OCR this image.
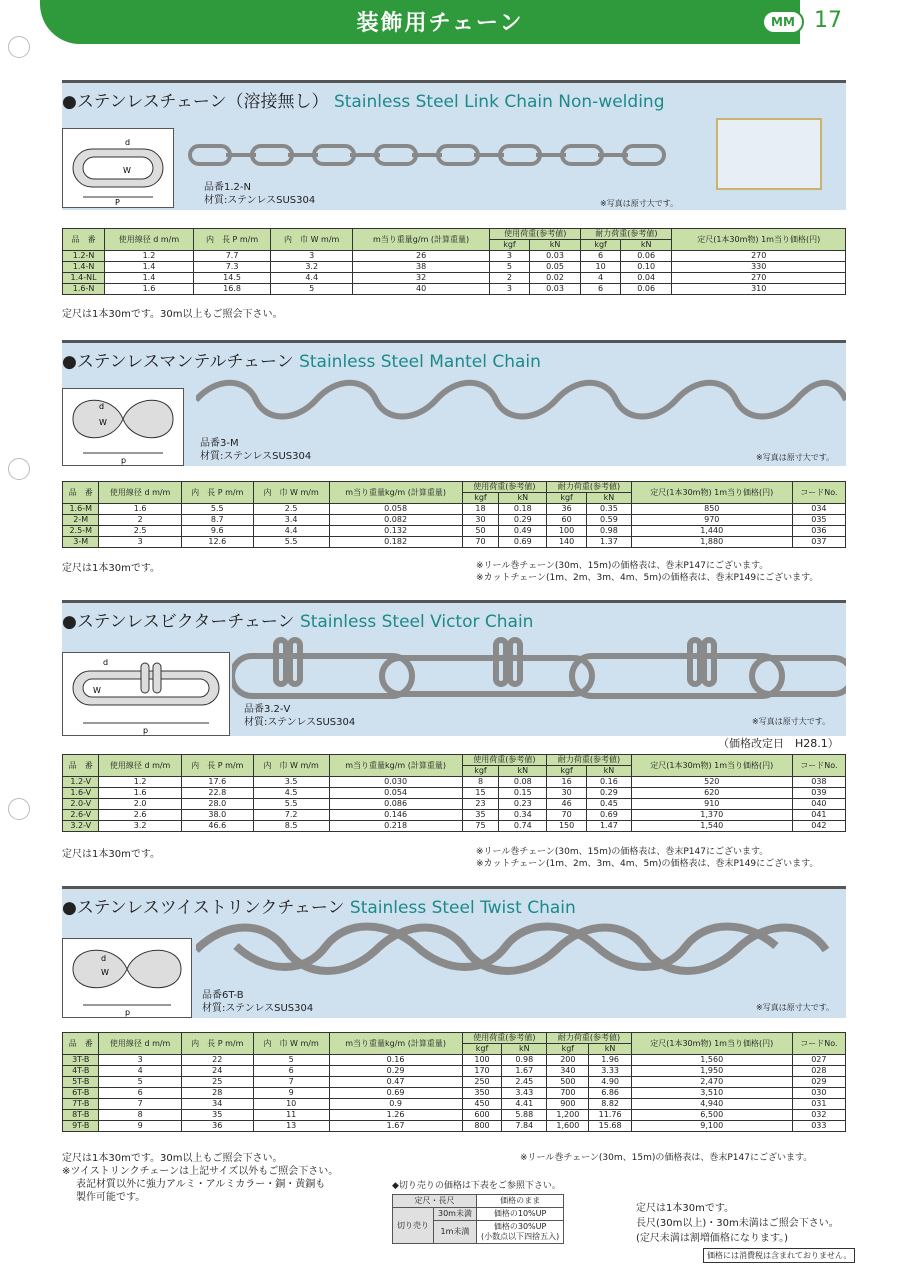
装飾用チェーン	MM 17
●ステンレスチェーン（溶接無し） Stainless Steel Link Chain Non-welding
d
W
P
品番1.2-N
材質:ステンレスSUS304	※写真は原寸大です。
品　番	使用線径 d m/m	内　長 P m/m	内　巾 W m/m	m当り重量g/m (計算重量)	使用荷重(参考値)		耐力荷重(参考値)		定尺(1本30m物) 1m当り価格(円)
					kgf	kN	kgf	kN	
1.2-N	1.2	7.7	3	26	3	0.03	6	0.06	270
1.4-N	1.4	7.3	3.2	38	5	0.05	10	0.10	330
1.4-NL	1.4	14.5	4.4	32	2	0.02	4	0.04	270
1.6-N	1.6	16.8	5	40	3	0.03	6	0.06	310
定尺は1本30mです。30m以上もご照会下さい。
●ステンレスマンテルチェーン Stainless Steel Mantel Chain
d
W
p
品番3-M
材質:ステンレスSUS304	※写真は原寸大です。
品　番	使用線径 d m/m	内　長 P m/m	内　巾 W m/m	m当り重量kg/m (計算重量)	使用荷重(参考値)		耐力荷重(参考値)		定尺(1本30m物) 1m当り価格(円)	コードNo.
					kgf	kN	kgf	kN		
1.6-M	1.6	5.5	2.5	0.058	18	0.18	36	0.35	850	034
2-M	2	8.7	3.4	0.082	30	0.29	60	0.59	970	035
2.5-M	2.5	9.6	4.4	0.132	50	0.49	100	0.98	1,440	036
3-M	3	12.6	5.5	0.182	70	0.69	140	1.37	1,880	037
定尺は1本30mです。	※リール巻チェーン(30m、15m)の価格表は、巻末P147にございます。
※カットチェーン(1m、2m、3m、4m、5m)の価格表は、巻末P149にございます。
●ステンレスビクターチェーン Stainless Steel Victor Chain
d
W
p
品番3.2-V
材質:ステンレスSUS304	※写真は原寸大です。
（価格改定日　H28.1）
品　番	使用線径 d m/m	内　長 P m/m	内　巾 W m/m	m当り重量kg/m (計算重量)	使用荷重(参考値)		耐力荷重(参考値)		定尺(1本30m物) 1m当り価格(円)	コードNo.
					kgf	kN	kgf	kN		
1.2-V	1.2	17.6	3.5	0.030	8	0.08	16	0.16	520	038
1.6-V	1.6	22.8	4.5	0.054	15	0.15	30	0.29	620	039
2.0-V	2.0	28.0	5.5	0.086	23	0.23	46	0.45	910	040
2.6-V	2.6	38.0	7.2	0.146	35	0.34	70	0.69	1,370	041
3.2-V	3.2	46.6	8.5	0.218	75	0.74	150	1.47	1,540	042
定尺は1本30mです。	※リール巻チェーン(30m、15m)の価格表は、巻末P147にございます。
※カットチェーン(1m、2m、3m、4m、5m)の価格表は、巻末P149にございます。
●ステンレスツイストリンクチェーン Stainless Steel Twist Chain
d
W
p
品番6T-B
材質:ステンレスSUS304	※写真は原寸大です。
品　番	使用線径 d m/m	内　長 P m/m	内　巾 W m/m	m当り重量kg/m (計算重量)	使用荷重(参考値)		耐力荷重(参考値)		定尺(1本30m物) 1m当り価格(円)	コードNo.
					kgf	kN	kgf	kN		
3T-B	3	22	5	0.16	100	0.98	200	1.96	1,560	027
4T-B	4	24	6	0.29	170	1.67	340	3.33	1,950	028
5T-B	5	25	7	0.47	250	2.45	500	4.90	2,470	029
6T-B	6	28	9	0.69	350	3.43	700	6.86	3,510	030
7T-B	7	34	10	0.9	450	4.41	900	8.82	4,940	031
8T-B	8	35	11	1.26	600	5.88	1,200	11.76	6,500	032
9T-B	9	36	13	1.67	800	7.84	1,600	15.68	9,100	033
定尺は1本30mです。30m以上もご照会下さい。
※ツイストリンクチェーンは上記サイズ以外もご照会下さい。
表記材質以外に強力アルミ・アルミカラー・銅・黄銅も
製作可能です。
※リール巻チェーン(30m、15m)の価格表は、巻末P147にございます。
◆切り売りの価格は下表をご参照下さい。
定尺・長尺		価格のまま
切り売り	30m未満	価格の10%UP
	1m未満	価格の30%UP
(小数点以下四捨五入)
定尺は1本30mです。
長尺(30m以上)・30m未満はご照会下さい。
(定尺未満は割増価格になります。)
価格には消費税は含まれておりません。
